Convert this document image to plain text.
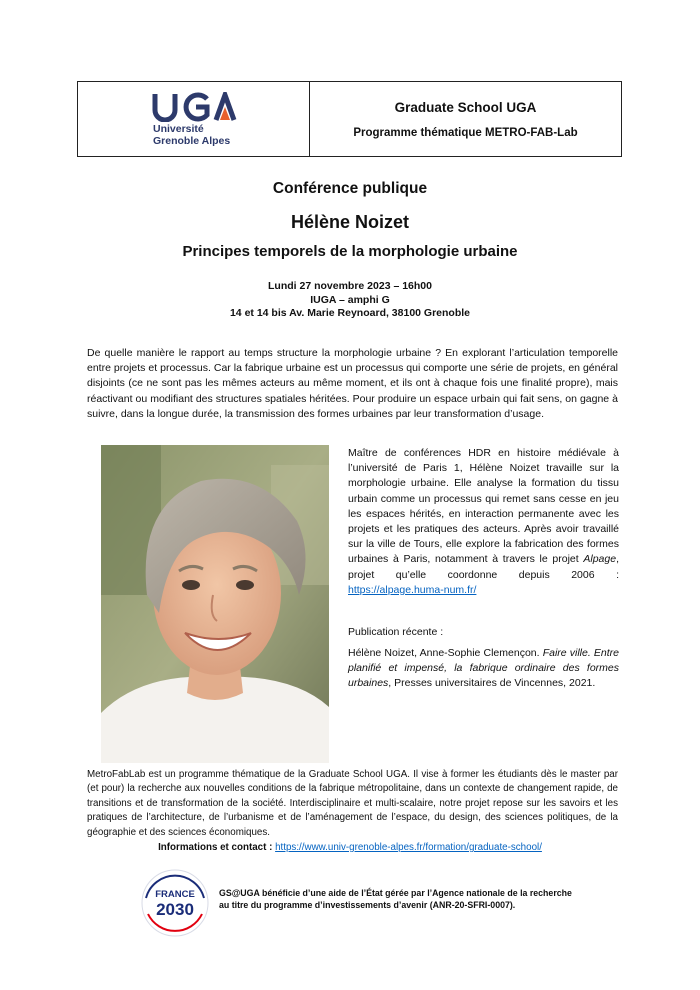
Université
Grenoble Alpes
Graduate School UGA
Programme thématique METRO-FAB-Lab
Conférence publique
Hélène Noizet
Principes temporels de la morphologie urbaine
Lundi 27 novembre 2023 – 16h00
IUGA – amphi G
14 et 14 bis Av. Marie Reynoard, 38100 Grenoble

De quelle manière le rapport au temps structure la morphologie urbaine ? En explorant l’articulation temporelle entre projets et processus. Car la fabrique urbaine est un processus qui comporte une série de projets, en général disjoints (ce ne sont pas les mêmes acteurs au même moment, et ils ont à chaque fois une finalité propre), mais réactivant ou modifiant des structures spatiales héritées. Pour produire un espace urbain qui fait sens, on gagne à suivre, dans la longue durée, la transmission des formes urbaines par leur transformation d’usage.

Maître de conférences HDR en histoire médiévale à l’université de Paris 1, Hélène Noizet travaille sur la morphologie urbaine. Elle analyse la formation du tissu urbain comme un processus qui remet sans cesse en jeu les espaces hérités, en interaction permanente avec les projets et les pratiques des acteurs. Après avoir travaillé sur la ville de Tours, elle explore la fabrication des formes urbaines à Paris, notamment à travers le projet Alpage, projet qu’elle coordonne depuis 2006 : https://alpage.huma-num.fr/

Publication récente :

Hélène Noizet, Anne-Sophie Clemençon. Faire ville. Entre planifié et impensé, la fabrique ordinaire des formes urbaines, Presses universitaires de Vincennes, 2021.

MetroFabLab est un programme thématique de la Graduate School UGA. Il vise à former les étudiants dès le master par (et pour) la recherche aux nouvelles conditions de la fabrique métropolitaine, dans un contexte de changement rapide, de transitions et de transformation de la société. Interdisciplinaire et multi-scalaire, notre projet repose sur les savoirs et les pratiques de l’architecture, de l’urbanisme et de l’aménagement de l’espace, du design, des sciences politiques, de la géographie et des sciences économiques.

Informations et contact : https://www.univ-grenoble-alpes.fr/formation/graduate-school/
FRANCE
2030

GS@UGA bénéficie d’une aide de l’État gérée par l’Agence nationale de la recherche au titre du programme d’investissements d’avenir (ANR-20-SFRI-0007).
